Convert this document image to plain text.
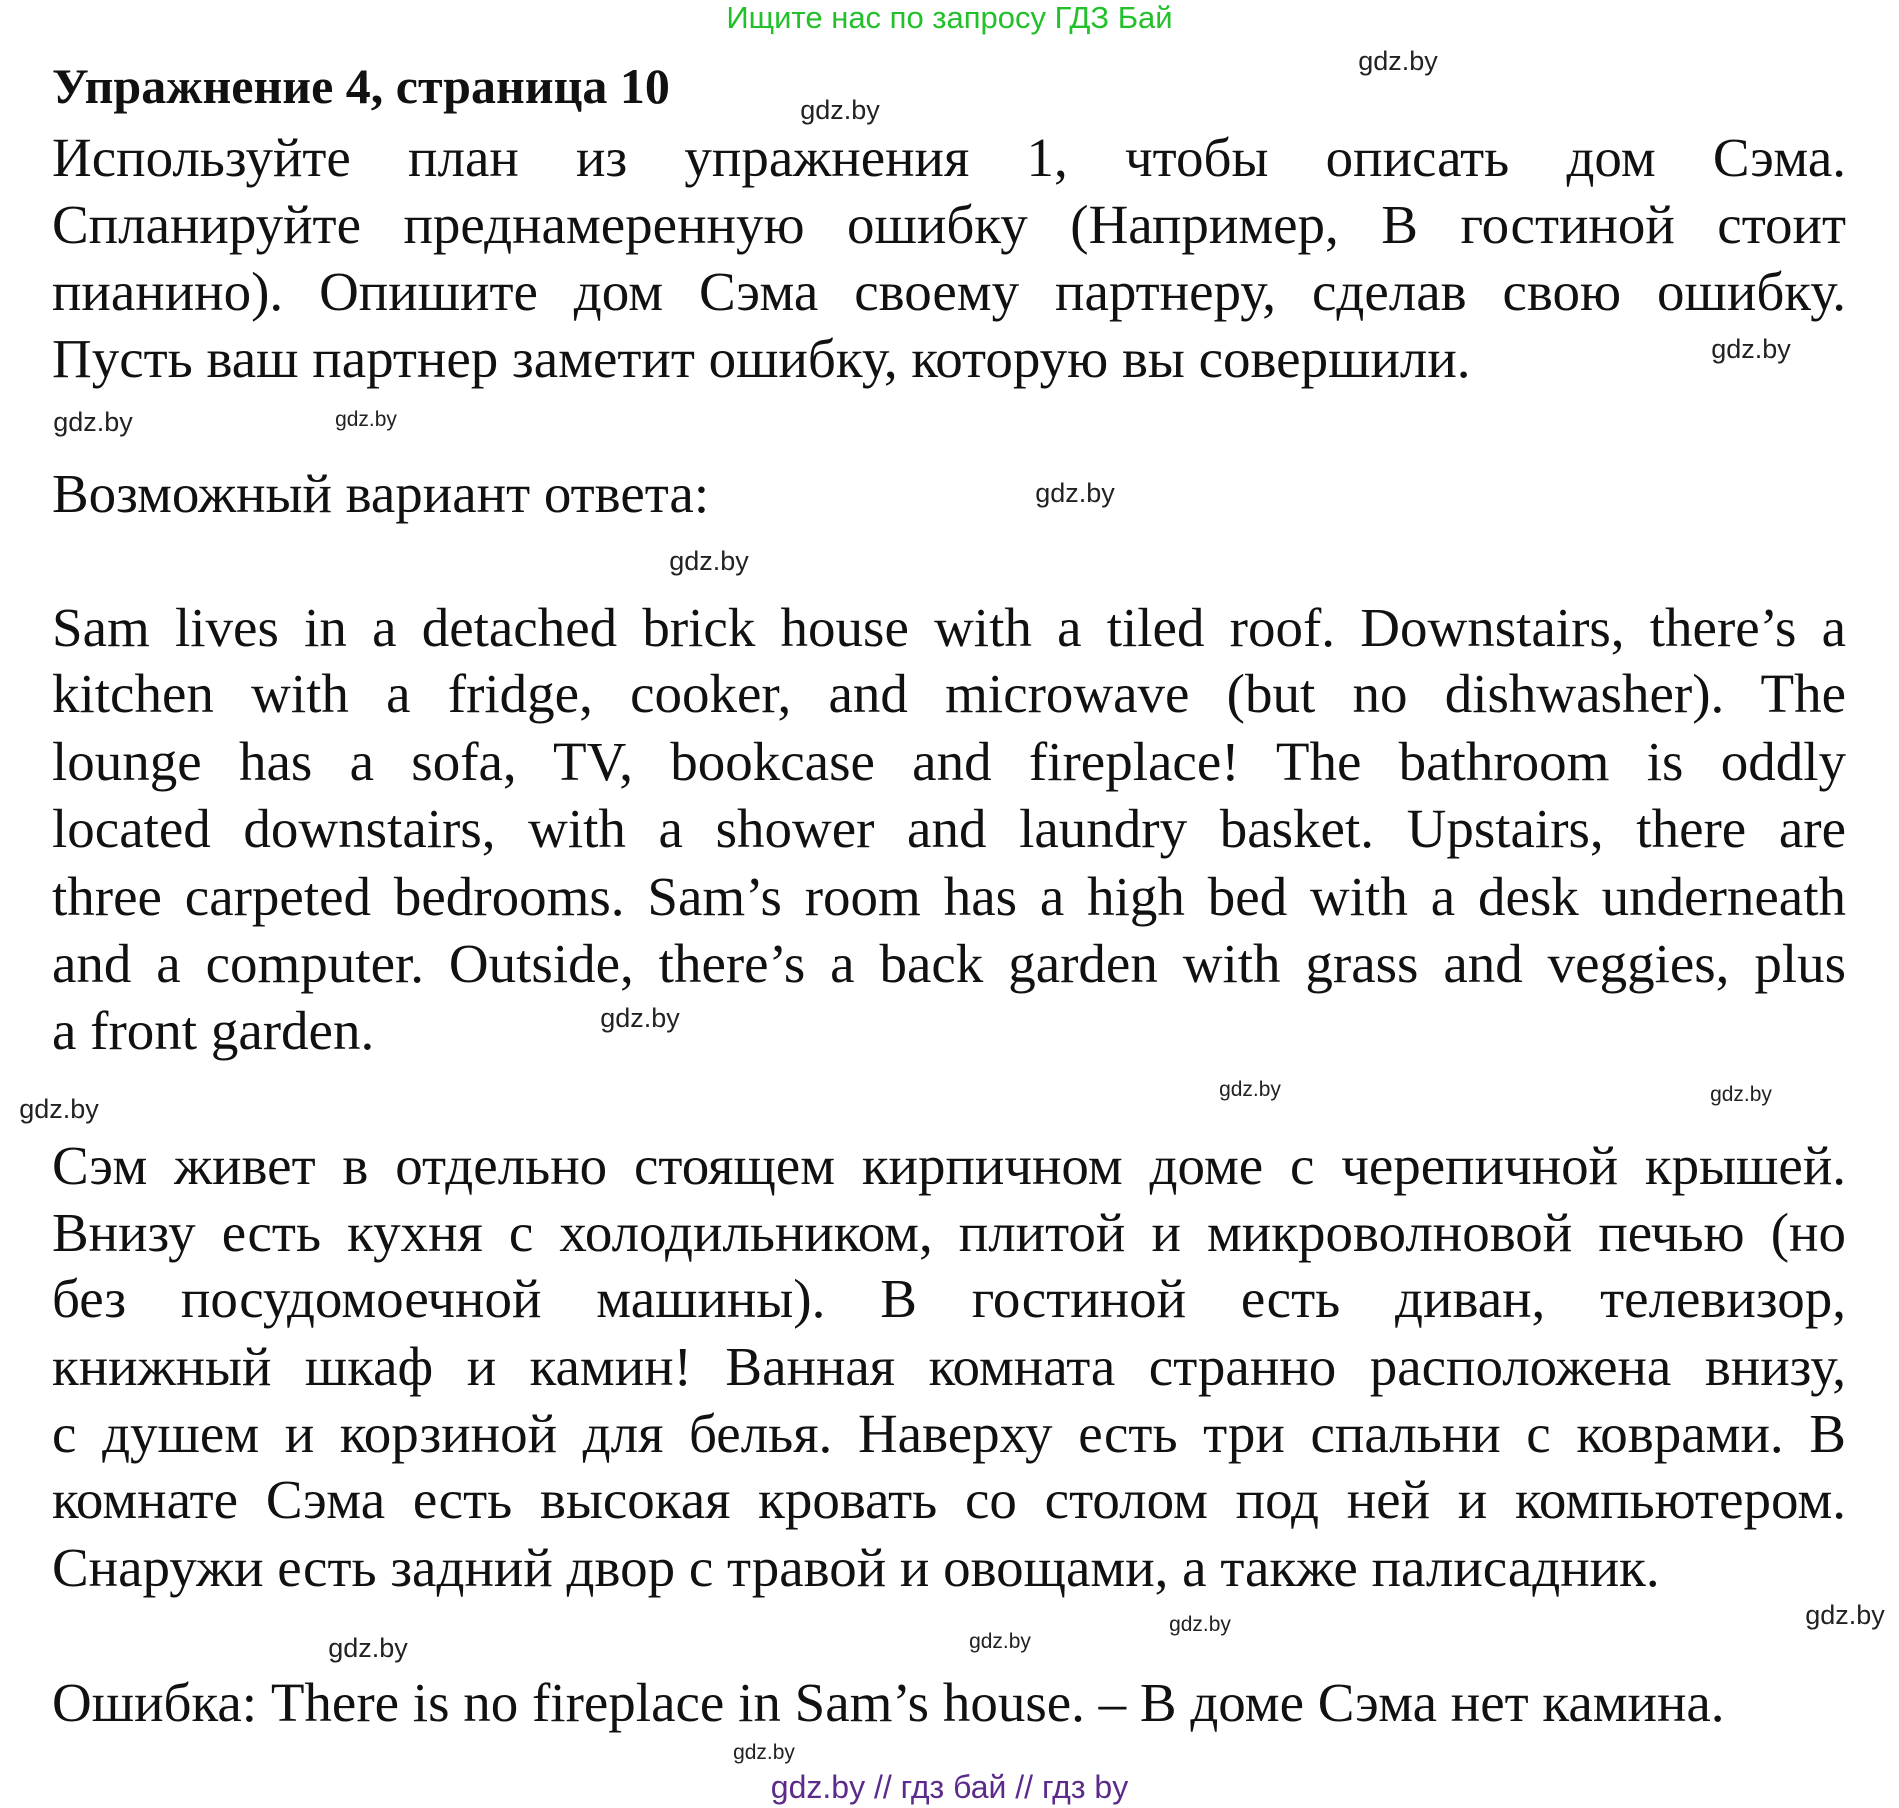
Ищите нас по запросу ГДЗ Бай
Упражнение 4, страница 10
Используйте план из упражнения 1, чтобы описать дом Сэма.
Спланируйте преднамеренную ошибку (Например, В гостиной стоит
пианино). Опишите дом Сэма своему партнеру, сделав свою ошибку.
Пусть ваш партнер заметит ошибку, которую вы совершили.
Возможный вариант ответа:
Sam lives in a detached brick house with a tiled roof. Downstairs, there’s a
kitchen with a fridge, cooker, and microwave (but no dishwasher). The
lounge has a sofa, TV, bookcase and fireplace! The bathroom is oddly
located downstairs, with a shower and laundry basket. Upstairs, there are
three carpeted bedrooms. Sam’s room has a high bed with a desk underneath
and a computer. Outside, there’s a back garden with grass and veggies, plus
a front garden.
Сэм живет в отдельно стоящем кирпичном доме с черепичной крышей.
Внизу есть кухня с холодильником, плитой и микроволновой печью (но
без посудомоечной машины). В гостиной есть диван, телевизор,
книжный шкаф и камин! Ванная комната странно расположена внизу,
с душем и корзиной для белья. Наверху есть три спальни с коврами. В
комнате Сэма есть высокая кровать со столом под ней и компьютером.
Снаружи есть задний двор с травой и овощами, а также палисадник.
Ошибка: There is no fireplace in Sam’s house. – В доме Сэма нет камина.
gdz.by
gdz.by
gdz.by
gdz.by
gdz.by
gdz.by
gdz.by
gdz.by
gdz.by
gdz.by
gdz.by
gdz.by
gdz.by
gdz.by
gdz.by
gdz.by
gdz.by // гдз бай // гдз by
